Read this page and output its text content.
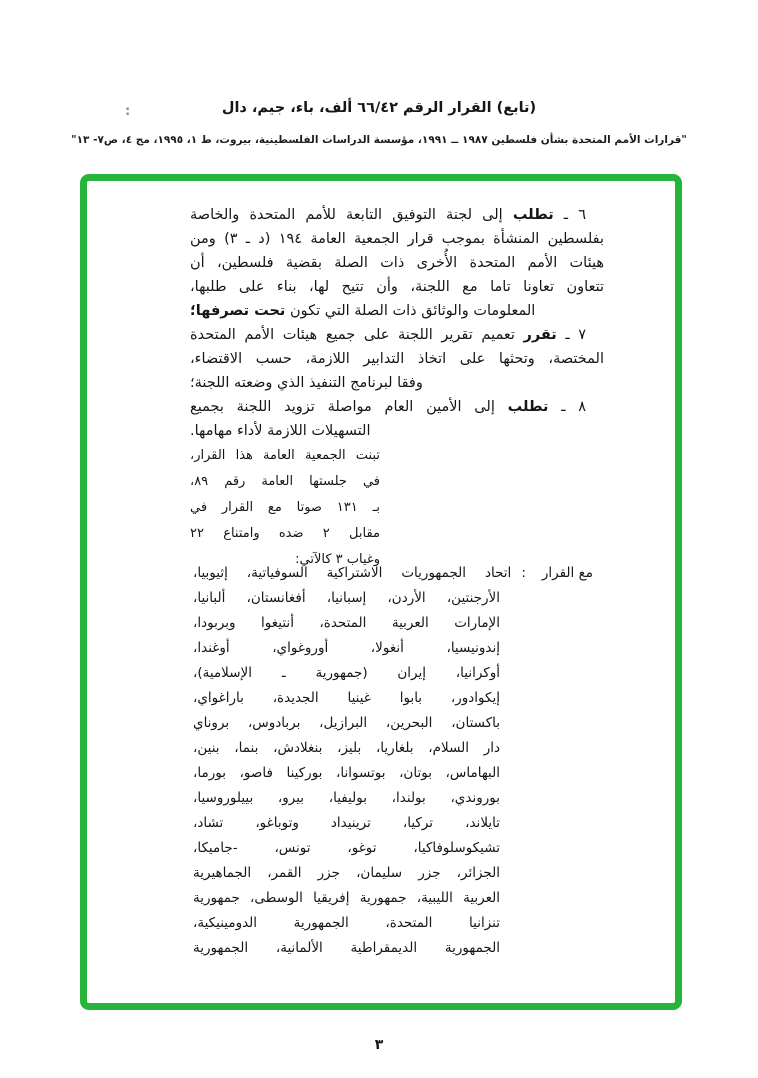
(تابع) القرار الرقم ٦٦/٤٢ ألف، باء، جيم، دال
:
"قرارات الأمم المتحدة بشأن فلسطين ١٩٨٧ ــ ١٩٩١، مؤسسة الدراسات الفلسطينية، بيروت، ط ١، ١٩٩٥، مج ٤، ص٧- ١٣"
٦ ـ تطلب إلى لجنة التوفيق التابعة للأمم المتحدة والخاصة
بفلسطين المنشأة بموجب قرار الجمعية العامة ١٩٤ (د ـ ٣) ومن
هيئات الأمم المتحدة الأُخرى ذات الصلة بقضية فلسطين، أن
تتعاون تعاونا تاما مع اللجنة، وأن تتيح لها، بناء على طلبها،
المعلومات والوثائق ذات الصلة التي تكون تحت تصرفها؛
٧ ـ تقرر تعميم تقرير اللجنة على جميع هيئات الأمم المتحدة
المختصة، وتحثها على اتخاذ التدابير اللازمة، حسب الاقتضاء،
وفقا لبرنامج التنفيذ الذي وضعته اللجنة؛
٨ ـ تطلب إلى الأمين العام مواصلة تزويد اللجنة بجميع
التسهيلات اللازمة لأداء مهامها.
تبنت الجمعية العامة هذا القرار،
في جلستها العامة رقم ٨٩،
بـ ١٣١ صوتا مع القرار في
مقابل ٢ ضده وامتناع ٢٢
وغياب ٣ كالآتي:
مع القرار
:
اتحاد الجمهوريات الاشتراكية السوفياتية، إثيوبيا،
الأرجنتين، الأردن، إسبانيا، أفغانستان، ألبانيا،
الإمارات العربية المتحدة، أنتيغوا وبربودا،
إندونيسيا، أنغولا، أوروغواي، أوغندا،
أوكرانيا، إيران (جمهورية ـ الإسلامية)،
إيكوادور، بابوا غينيا الجديدة، باراغواي،
باكستان، البحرين، البرازيل، بربادوس، بروناي
دار السلام، بلغاريا، بليز، بنغلادش، بنما، بنين،
البهاماس، بوتان، بوتسوانا، بوركينا فاصو، بورما،
بوروندي، بولندا، بوليفيا، بيرو، بييلوروسيا،
تايلاند، تركيا، ترينيداد وتوباغو، تشاد،
تشيكوسلوفاكيا، توغو، تونس، -جاميكا،
الجزائر، جزر سليمان، جزر القمر، الجماهيرية
العربية الليبية، جمهورية إفريقيا الوسطى، جمهورية
تنزانيا المتحدة، الجمهورية الدومينيكية،
الجمهورية الديمقراطية الألمانية، الجمهورية
٣
